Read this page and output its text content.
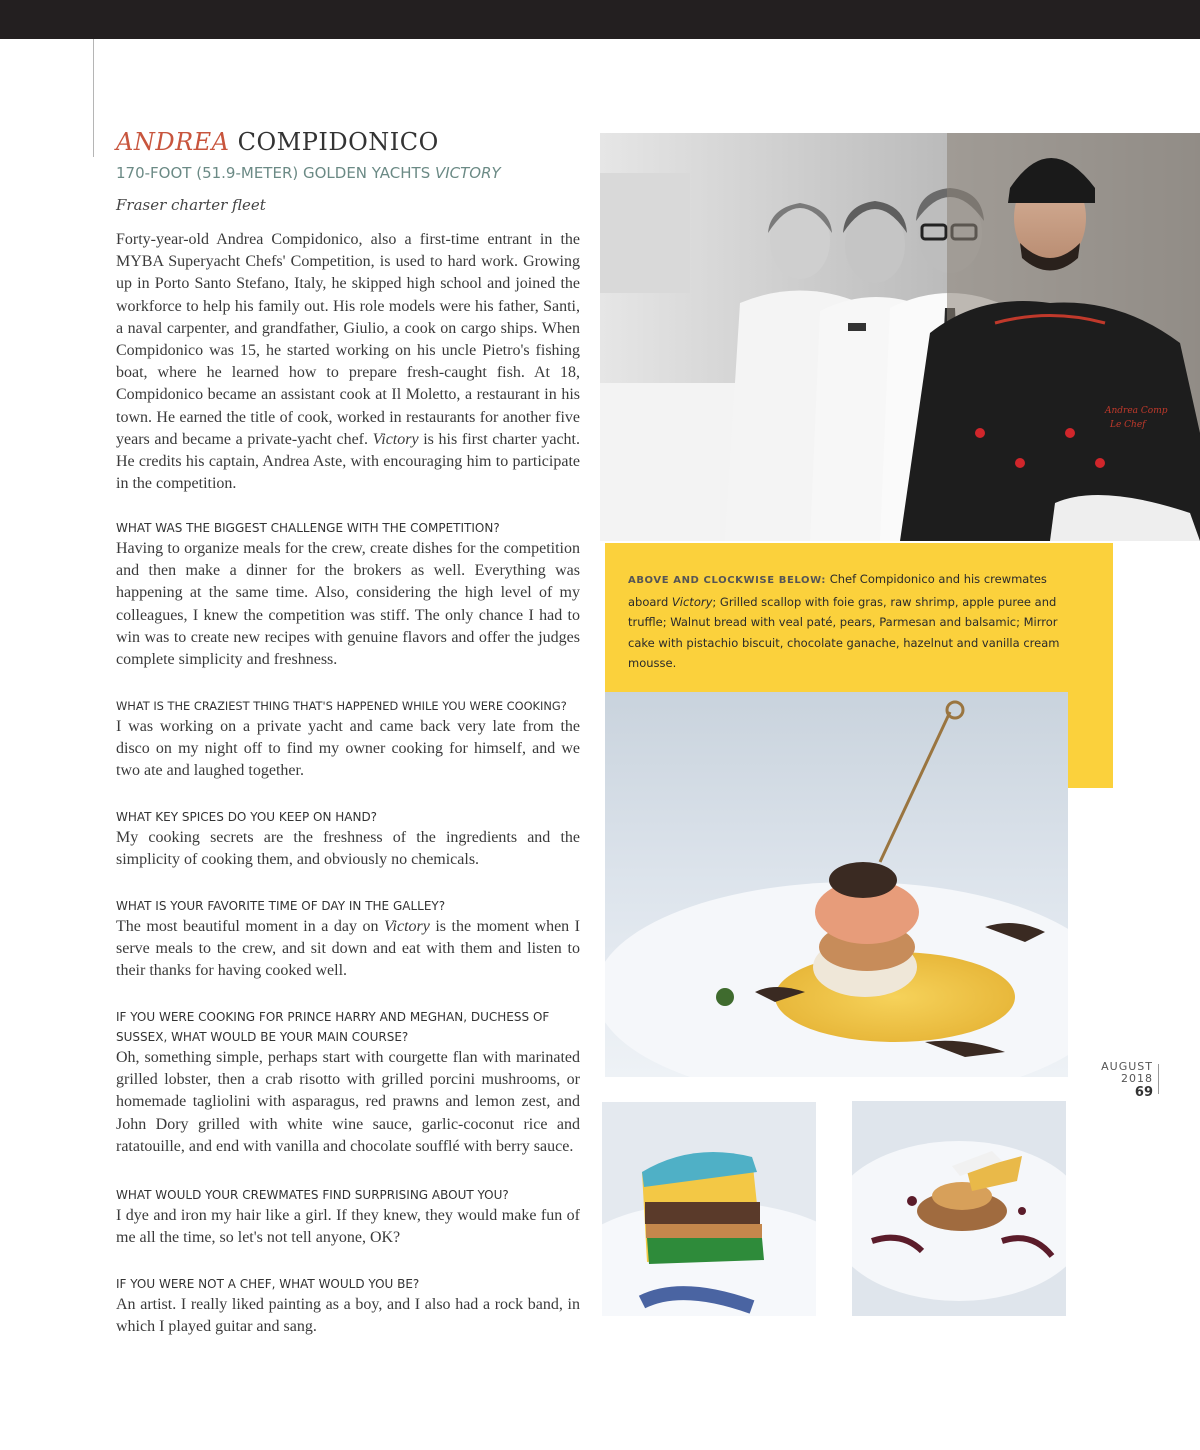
ANDREA COMPIDONICO
170-FOOT (51.9-METER) GOLDEN YACHTS VICTORY
Fraser charter fleet

Forty-year-old Andrea Compidonico, also a first-time entrant in the MYBA Superyacht Chefs' Competition, is used to hard work. Growing up in Porto Santo Stefano, Italy, he skipped high school and joined the workforce to help his family out. His role models were his father, Santi, a naval carpenter, and grandfather, Giulio, a cook on cargo ships. When Compidonico was 15, he started working on his uncle Pietro's fishing boat, where he learned how to prepare fresh-caught fish. At 18, Compidonico became an assistant cook at Il Moletto, a restaurant in his town. He earned the title of cook, worked in restaurants for another five years and became a private-yacht chef. Victory is his first charter yacht. He credits his captain, Andrea Aste, with encouraging him to participate in the competition.

WHAT WAS THE BIGGEST CHALLENGE WITH THE COMPETITION?

Having to organize meals for the crew, create dishes for the competition and then make a dinner for the brokers as well. Everything was happening at the same time. Also, considering the high level of my colleagues, I knew the competition was stiff. The only chance I had to win was to create new recipes with genuine flavors and offer the judges complete simplicity and freshness.

WHAT IS THE CRAZIEST THING THAT'S HAPPENED WHILE YOU WERE COOKING?

I was working on a private yacht and came back very late from the disco on my night off to find my owner cooking for himself, and we two ate and laughed together.

WHAT KEY SPICES DO YOU KEEP ON HAND?

My cooking secrets are the freshness of the ingredients and the simplicity of cooking them, and obviously no chemicals.

WHAT IS YOUR FAVORITE TIME OF DAY IN THE GALLEY?

The most beautiful moment in a day on Victory is the moment when I serve meals to the crew, and sit down and eat with them and listen to their thanks for having cooked well.

IF YOU WERE COOKING FOR PRINCE HARRY AND MEGHAN, DUCHESS OF

SUSSEX, WHAT WOULD BE YOUR MAIN COURSE?

Oh, something simple, perhaps start with courgette flan with marinated grilled lobster, then a crab risotto with grilled porcini mushrooms, or homemade tagliolini with asparagus, red prawns and lemon zest, and John Dory grilled with white wine sauce, garlic-coconut rice and ratatouille, and end with vanilla and chocolate soufflé with berry sauce.

WHAT WOULD YOUR CREWMATES FIND SURPRISING ABOUT YOU?

I dye and iron my hair like a girl. If they knew, they would make fun of me all the time, so let's not tell anyone, OK?

IF YOU WERE NOT A CHEF, WHAT WOULD YOU BE?

An artist. I really liked painting as a boy, and I also had a rock band, in which I played guitar and sang.

ABOVE AND CLOCKWISE BELOW: Chef Compidonico and his crewmates aboard Victory; Grilled scallop with foie gras, raw shrimp, apple puree and truffle; Walnut bread with veal paté, pears, Parmesan and balsamic; Mirror cake with pistachio biscuit, chocolate ganache, hazelnut and vanilla cream mousse.
Andrea Comp
Le Chef
AUGUST
2018
69
